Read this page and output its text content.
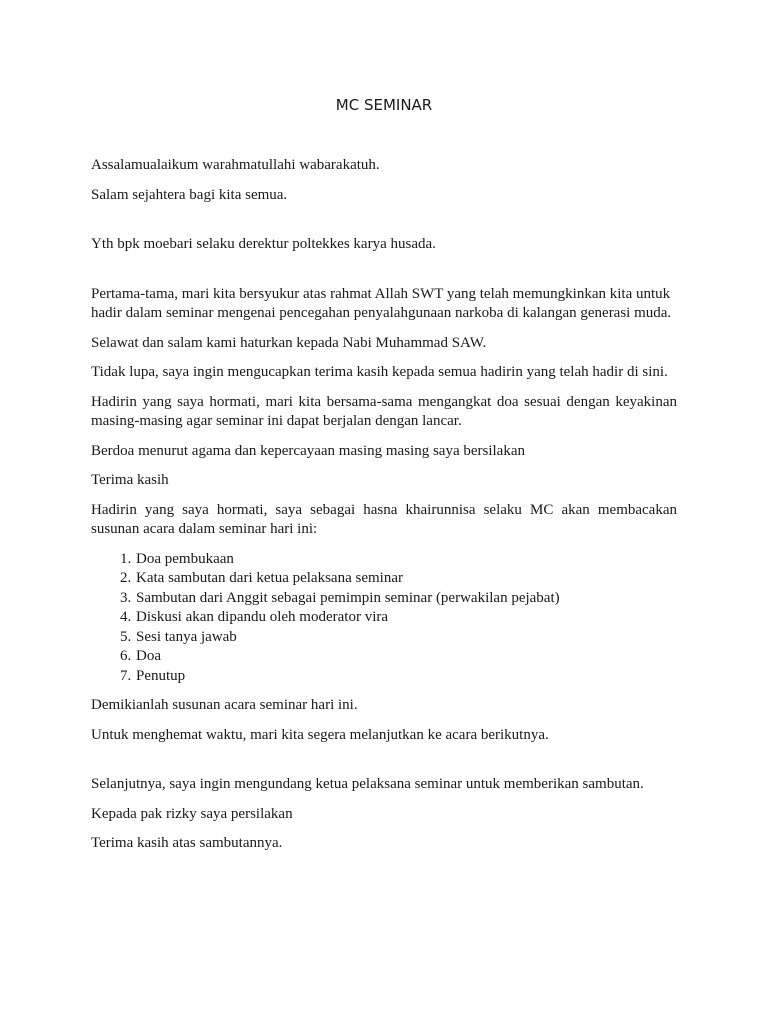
MC SEMINAR

Assalamualaikum warahmatullahi wabarakatuh.

Salam sejahtera bagi kita semua.

Yth bpk moebari selaku derektur poltekkes karya husada.

Pertama-tama, mari kita bersyukur atas rahmat Allah SWT yang telah memungkinkan kita untuk hadir dalam seminar mengenai pencegahan penyalahgunaan narkoba di kalangan generasi muda.

Selawat dan salam kami haturkan kepada Nabi Muhammad SAW.

Tidak lupa, saya ingin mengucapkan terima kasih kepada semua hadirin yang telah hadir di sini.

Hadirin yang saya hormati, mari kita bersama-sama mengangkat doa sesuai dengan keyakinan masing-masing agar seminar ini dapat berjalan dengan lancar.

Berdoa menurut agama dan kepercayaan masing masing saya bersilakan

Terima kasih

Hadirin yang saya hormati, saya sebagai hasna khairunnisa selaku MC akan membacakan susunan acara dalam seminar hari ini:

1. Doa pembukaan
2. Kata sambutan dari ketua pelaksana seminar
3. Sambutan dari Anggit sebagai pemimpin seminar (perwakilan pejabat)
4. Diskusi akan dipandu oleh moderator vira
5. Sesi tanya jawab
6. Doa
7. Penutup

Demikianlah susunan acara seminar hari ini.

Untuk menghemat waktu, mari kita segera melanjutkan ke acara berikutnya.

Selanjutnya, saya ingin mengundang ketua pelaksana seminar untuk memberikan sambutan.

Kepada pak rizky saya persilakan

Terima kasih atas sambutannya.
